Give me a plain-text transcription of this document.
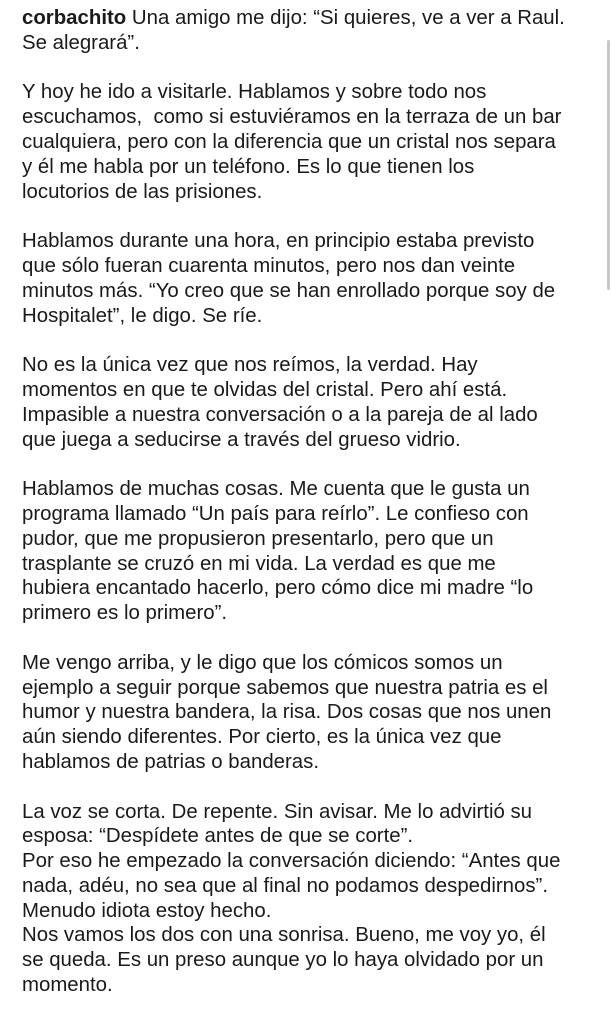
corbachito Una amigo me dijo: “Si quieres, ve a ver a Raul.
Se alegrará”.
Y hoy he ido a visitarle. Hablamos y sobre todo nos
escuchamos,  como si estuviéramos en la terraza de un bar
cualquiera, pero con la diferencia que un cristal nos separa
y él me habla por un teléfono. Es lo que tienen los
locutorios de las prisiones.
Hablamos durante una hora, en principio estaba previsto
que sólo fueran cuarenta minutos, pero nos dan veinte
minutos más. “Yo creo que se han enrollado porque soy de
Hospitalet”, le digo. Se ríe.
No es la única vez que nos reímos, la verdad. Hay
momentos en que te olvidas del cristal. Pero ahí está.
Impasible a nuestra conversación o a la pareja de al lado
que juega a seducirse a través del grueso vidrio.
Hablamos de muchas cosas. Me cuenta que le gusta un
programa llamado “Un país para reírlo”. Le confieso con
pudor, que me propusieron presentarlo, pero que un
trasplante se cruzó en mi vida. La verdad es que me
hubiera encantado hacerlo, pero cómo dice mi madre “lo
primero es lo primero”.
Me vengo arriba, y le digo que los cómicos somos un
ejemplo a seguir porque sabemos que nuestra patria es el
humor y nuestra bandera, la risa. Dos cosas que nos unen
aún siendo diferentes. Por cierto, es la única vez que
hablamos de patrias o banderas.
La voz se corta. De repente. Sin avisar. Me lo advirtió su
esposa: “Despídete antes de que se corte”.
Por eso he empezado la conversación diciendo: “Antes que
nada, adéu, no sea que al final no podamos despedirnos”.
Menudo idiota estoy hecho.
Nos vamos los dos con una sonrisa. Bueno, me voy yo, él
se queda. Es un preso aunque yo lo haya olvidado por un
momento.
